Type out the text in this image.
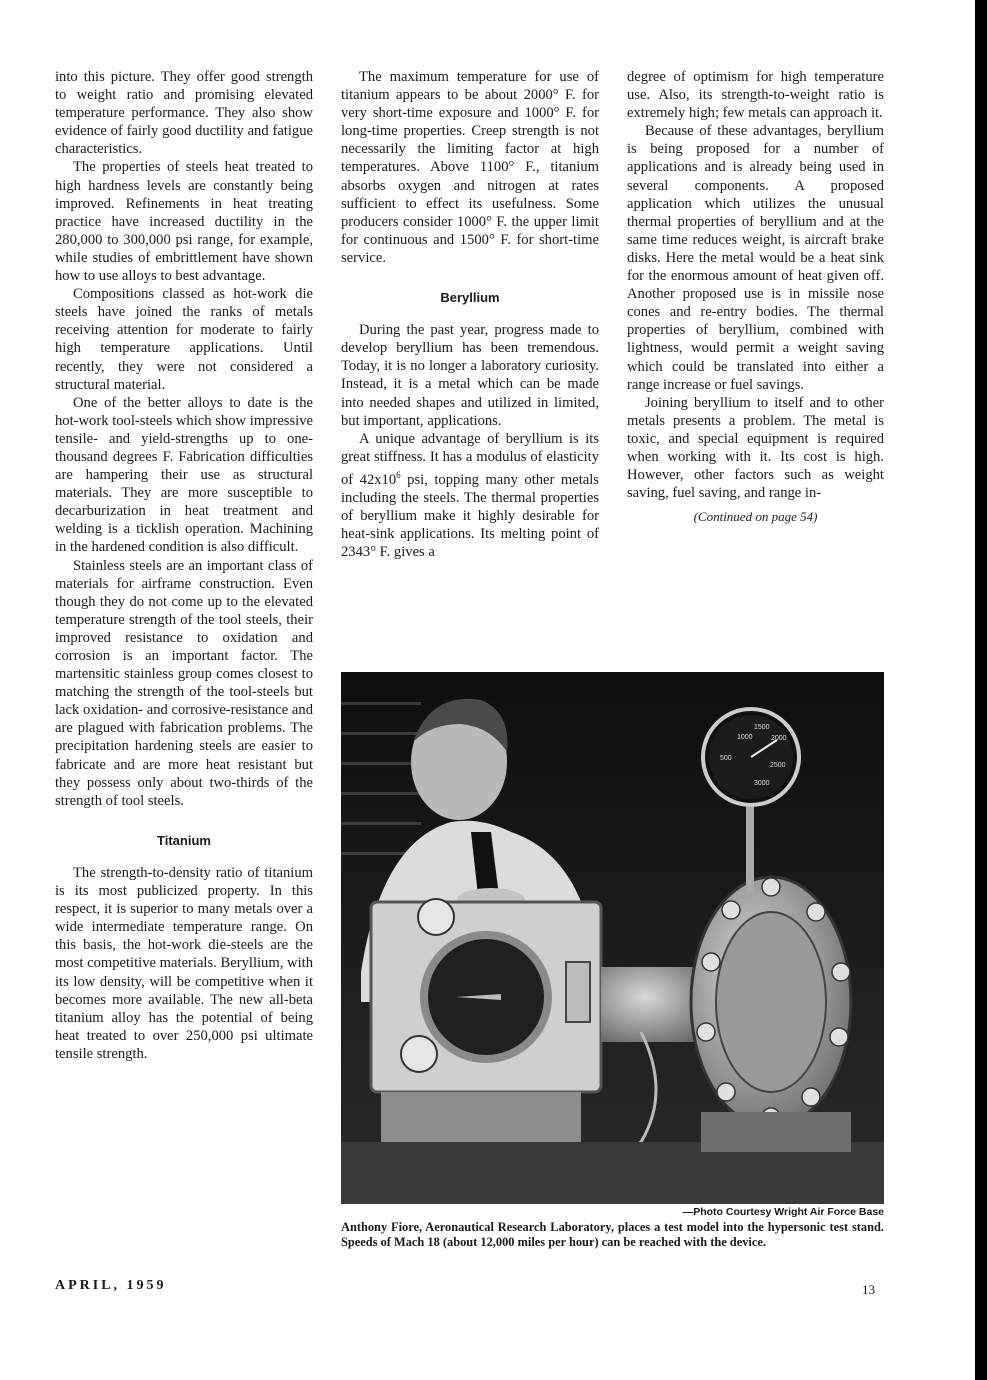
into this picture. They offer good strength to weight ratio and promising elevated temperature performance. They also show evidence of fairly good ductility and fatigue characteristics.

The properties of steels heat treated to high hardness levels are constantly being improved. Refinements in heat treating practice have increased ductility in the 280,000 to 300,000 psi range, for example, while studies of embrittlement have shown how to use alloys to best advantage.

Compositions classed as hot-work die steels have joined the ranks of metals receiving attention for moderate to fairly high temperature applications. Until recently, they were not considered a structural material.

One of the better alloys to date is the hot-work tool-steels which show impressive tensile- and yield-strengths up to one-thousand degrees F. Fabrication difficulties are hampering their use as structural materials. They are more susceptible to decarburization in heat treatment and welding is a ticklish operation. Machining in the hardened condition is also difficult.

Stainless steels are an important class of materials for airframe construction. Even though they do not come up to the elevated temperature strength of the tool steels, their improved resistance to oxidation and corrosion is an important factor. The martensitic stainless group comes closest to matching the strength of the tool-steels but lack oxidation- and corrosive-resistance and are plagued with fabrication problems. The precipitation hardening steels are easier to fabricate and are more heat resistant but they possess only about two-thirds of the strength of tool steels.

Titanium

The strength-to-density ratio of titanium is its most publicized property. In this respect, it is superior to many metals over a wide intermediate temperature range. On this basis, the hot-work die-steels are the most competitive materials. Beryllium, with its low density, will be competitive when it becomes more available. The new all-beta titanium alloy has the potential of being heat treated to over 250,000 psi ultimate tensile strength.

The maximum temperature for use of titanium appears to be about 2000° F. for very short-time exposure and 1000° F. for long-time properties. Creep strength is not necessarily the limiting factor at high temperatures. Above 1100° F., titanium absorbs oxygen and nitrogen at rates sufficient to effect its usefulness. Some producers consider 1000° F. the upper limit for continuous and 1500° F. for short-time service.

Beryllium

During the past year, progress made to develop beryllium has been tremendous. Today, it is no longer a laboratory curiosity. Instead, it is a metal which can be made into needed shapes and utilized in limited, but important, applications.

A unique advantage of beryllium is its great stiffness. It has a modulus of elasticity of $42x10^6$ psi, topping many other metals including the steels. The thermal properties of beryllium make it highly desirable for heat-sink applications. Its melting point of 2343° F. gives a

degree of optimism for high temperature use. Also, its strength-to-weight ratio is extremely high; few metals can approach it.

Because of these advantages, beryllium is being proposed for a number of applications and is already being used in several components. A proposed application which utilizes the unusual thermal properties of beryllium and at the same time reduces weight, is aircraft brake disks. Here the metal would be a heat sink for the enormous amount of heat given off. Another proposed use is in missile nose cones and re-entry bodies. The thermal properties of beryllium, combined with lightness, would permit a weight saving which could be translated into either a range increase or fuel savings.

Joining beryllium to itself and to other metals presents a problem. The metal is toxic, and special equipment is required when working with it. Its cost is high. However, other factors such as weight saving, fuel saving, and range in-

(Continued on page 54)
1000
1500
2000
500
2500
3000
—Photo Courtesy Wright Air Force Base
Anthony Fiore, Aeronautical Research Laboratory, places a test model into the hypersonic test stand. Speeds of Mach 18 (about 12,000 miles per hour) can be reached with the device.
APRIL, 1959	13
